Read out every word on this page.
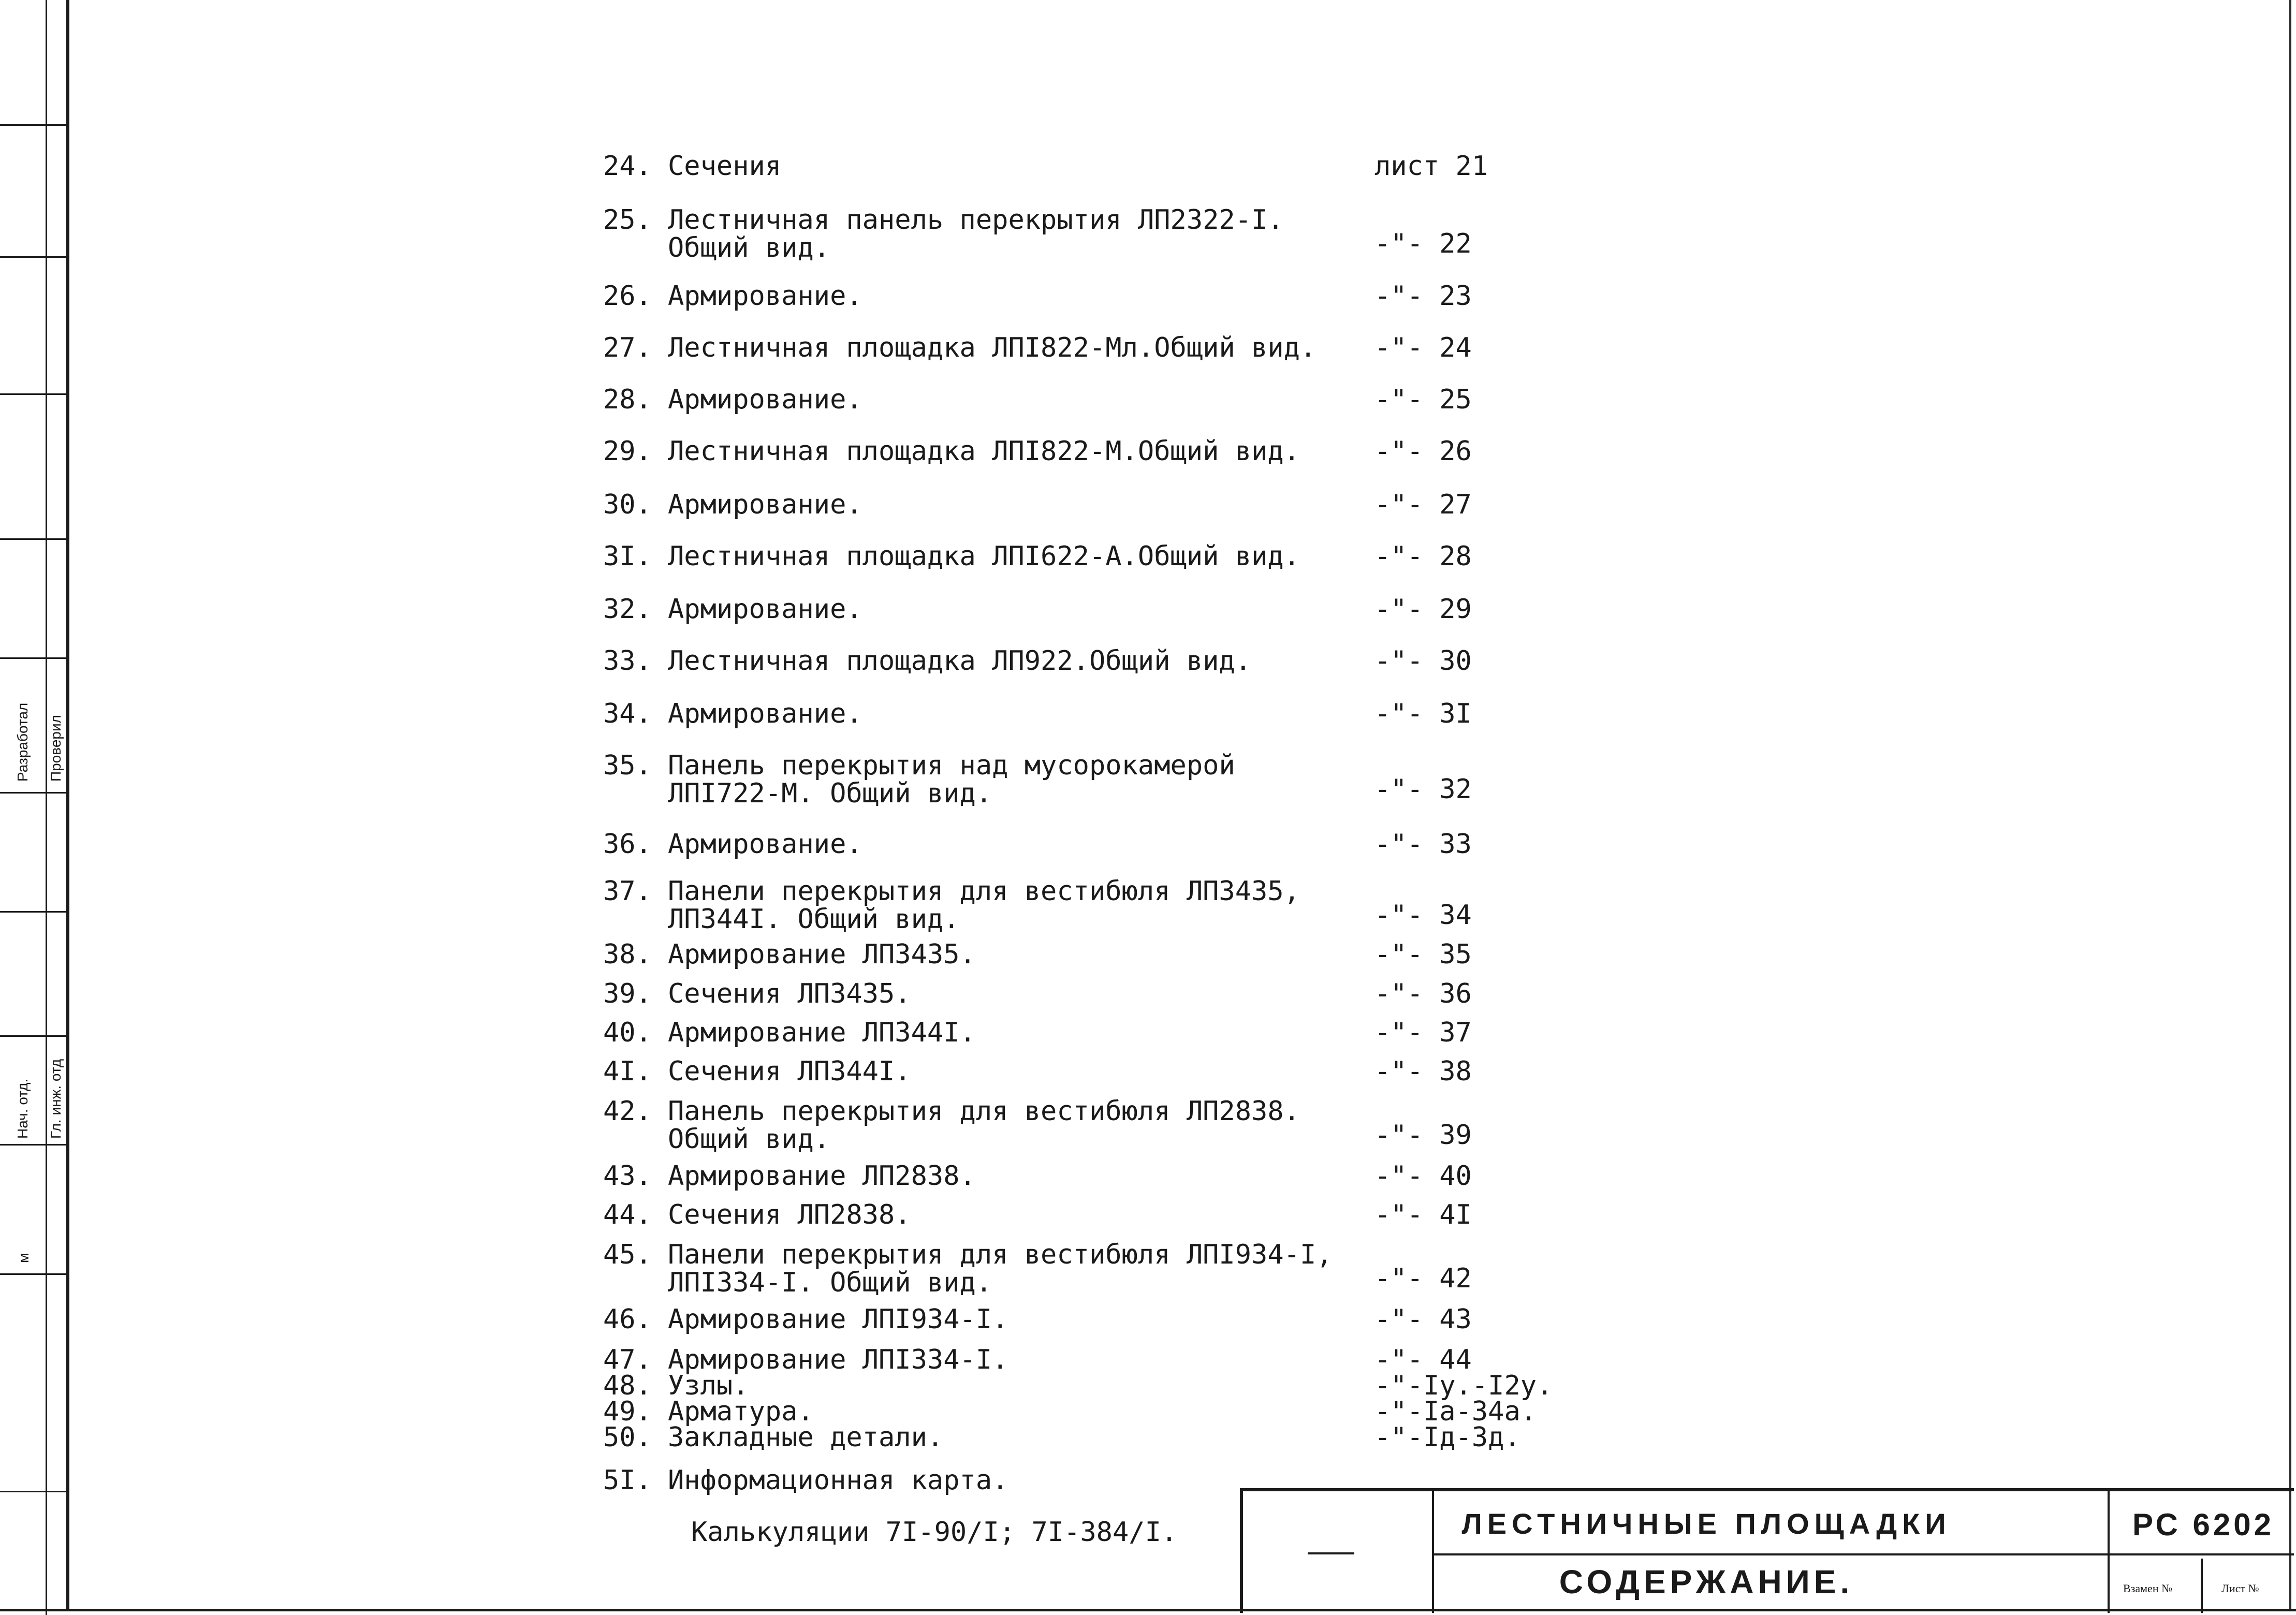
Разработал Проверил
Нач. отд. Гл. инж. отд
м
24. Сечения	лист 21
25. Лестничная панель перекрытия ЛП2322-I.
Общий вид.	-"- 22
26. Армирование.	-"- 23
27. Лестничная площадка ЛПI822-Мл.Общий вид.	-"- 24
28. Армирование.	-"- 25
29. Лестничная площадка ЛПI822-М.Общий вид.	-"- 26
30. Армирование.	-"- 27
3I. Лестничная площадка ЛПI622-А.Общий вид.	-"- 28
32. Армирование.	-"- 29
33. Лестничная площадка ЛП922.Общий вид.	-"- 30
34. Армирование.	-"- 3I
35. Панель перекрытия над мусорокамерой
ЛПI722-М. Общий вид.	-"- 32
36. Армирование.	-"- 33
37. Панели перекрытия для вестибюля ЛП3435,
ЛП344I. Общий вид.	-"- 34
38. Армирование ЛП3435.	-"- 35
39. Сечения ЛП3435.	-"- 36
40. Армирование ЛП344I.	-"- 37
4I. Сечения ЛП344I.	-"- 38
42. Панель перекрытия для вестибюля ЛП2838.
Общий вид.	-"- 39
43. Армирование ЛП2838.	-"- 40
44. Сечения ЛП2838.	-"- 4I
45. Панели перекрытия для вестибюля ЛПI934-I,
ЛПI334-I. Общий вид.	-"- 42
46. Армирование ЛПI934-I.	-"- 43
47. Армирование ЛПI334-I.	-"- 44
48. Узлы.	-"-Iу.-I2у.
49. Арматура.	-"-Iа-34а.
50. Закладные детали.	-"-Iд-3д.
5I. Информационная карта.
Калькуляции 7I-90/I; 7I-384/I.	ЛЕСТНИЧНЫЕ ПЛОЩАДКИ
СОДЕРЖАНИЕ.
РС 6202
Взамен №	Лист №
